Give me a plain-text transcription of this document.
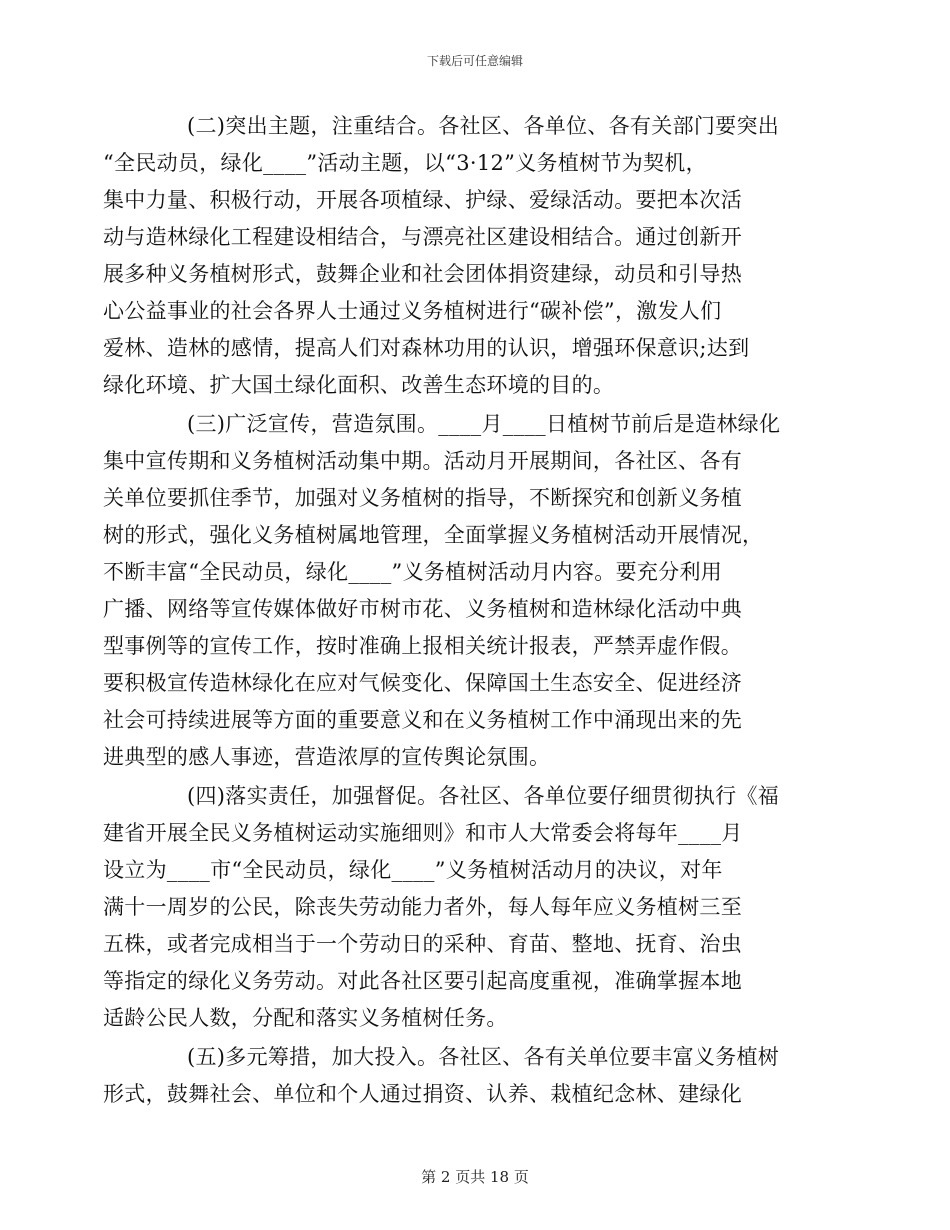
下载后可任意编辑

(二)突出主题，注重结合。各社区、各单位、各有关部门要突出
“全民动员，绿化____”活动主题，以“3·12”义务植树节为契机，
集中力量、积极行动，开展各项植绿、护绿、爱绿活动。要把本次活
动与造林绿化工程建设相结合，与漂亮社区建设相结合。通过创新开
展多种义务植树形式，鼓舞企业和社会团体捐资建绿，动员和引导热
心公益事业的社会各界人士通过义务植树进行“碳补偿”，激发人们
爱林、造林的感情，提高人们对森林功用的认识，增强环保意识;达到
绿化环境、扩大国土绿化面积、改善生态环境的目的。

(三)广泛宣传，营造氛围。____月____日植树节前后是造林绿化
集中宣传期和义务植树活动集中期。活动月开展期间，各社区、各有
关单位要抓住季节，加强对义务植树的指导，不断探究和创新义务植
树的形式，强化义务植树属地管理，全面掌握义务植树活动开展情况，
不断丰富“全民动员，绿化____”义务植树活动月内容。要充分利用
广播、网络等宣传媒体做好市树市花、义务植树和造林绿化活动中典
型事例等的宣传工作，按时准确上报相关统计报表，严禁弄虚作假。
要积极宣传造林绿化在应对气候变化、保障国土生态安全、促进经济
社会可持续进展等方面的重要意义和在义务植树工作中涌现出来的先
进典型的感人事迹，营造浓厚的宣传舆论氛围。

(四)落实责任，加强督促。各社区、各单位要仔细贯彻执行《福
建省开展全民义务植树运动实施细则》和市人大常委会将每年____月
设立为____市“全民动员，绿化____”义务植树活动月的决议，对年
满十一周岁的公民，除丧失劳动能力者外，每人每年应义务植树三至
五株，或者完成相当于一个劳动日的采种、育苗、整地、抚育、治虫
等指定的绿化义务劳动。对此各社区要引起高度重视，准确掌握本地
适龄公民人数，分配和落实义务植树任务。

(五)多元筹措，加大投入。各社区、各有关单位要丰富义务植树
形式，鼓舞社会、单位和个人通过捐资、认养、栽植纪念林、建绿化

第 2 页共 18 页
